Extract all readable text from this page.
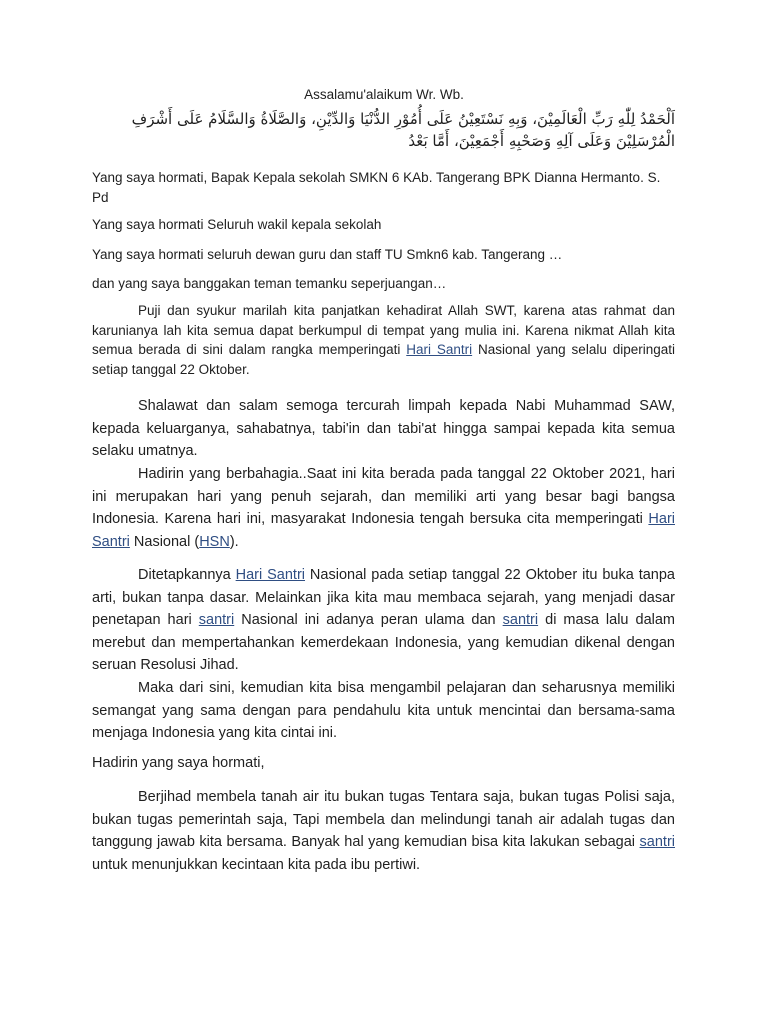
Assalamu'alaikum Wr. Wb.
اَلْحَمْدُ لِلّٰهِ رَبِّ الْعَالَمِيْنَ، وَبِهِ نَسْتَعِيْنُ عَلَى أُمُوْرِ الدُّنْيَا وَالدِّيْنِ، وَالصَّلَاةُ وَالسَّلَامُ عَلَى أَشْرَفِ الْمُرْسَلِيْنَ وَعَلَى آلِهِ وَصَحْبِهِ أَجْمَعِيْنَ، أَمَّا بَعْدُ

Yang saya hormati, Bapak Kepala sekolah SMKN 6 KAb. Tangerang BPK Dianna Hermanto. S. Pd

Yang saya hormati Seluruh wakil kepala sekolah

Yang saya hormati seluruh dewan guru dan staff TU Smkn6 kab. Tangerang …

dan yang saya banggakan teman temanku seperjuangan…

Puji dan syukur marilah kita panjatkan kehadirat Allah SWT, karena atas rahmat dan karunianya lah kita semua dapat berkumpul di tempat yang mulia ini. Karena nikmat Allah kita semua berada di sini dalam rangka memperingati Hari Santri Nasional yang selalu diperingati setiap tanggal 22 Oktober.

Shalawat dan salam semoga tercurah limpah kepada Nabi Muhammad SAW, kepada keluarganya, sahabatnya, tabi'in dan tabi'at hingga sampai kepada kita semua selaku umatnya.

Hadirin yang berbahagia..Saat ini kita berada pada tanggal 22 Oktober 2021, hari ini merupakan hari yang penuh sejarah, dan memiliki arti yang besar bagi bangsa Indonesia. Karena hari ini, masyarakat Indonesia tengah bersuka cita memperingati Hari Santri Nasional (HSN).

Ditetapkannya Hari Santri Nasional pada setiap tanggal 22 Oktober itu buka tanpa arti, bukan tanpa dasar. Melainkan jika kita mau membaca sejarah, yang menjadi dasar penetapan hari santri Nasional ini adanya peran ulama dan santri di masa lalu dalam merebut dan mempertahankan kemerdekaan Indonesia, yang kemudian dikenal dengan seruan Resolusi Jihad.

Maka dari sini, kemudian kita bisa mengambil pelajaran dan seharusnya memiliki semangat yang sama dengan para pendahulu kita untuk mencintai dan bersama-sama menjaga Indonesia yang kita cintai ini.

Hadirin yang saya hormati,

Berjihad membela tanah air itu bukan tugas Tentara saja, bukan tugas Polisi saja, bukan tugas pemerintah saja, Tapi membela dan melindungi tanah air adalah tugas dan tanggung jawab kita bersama. Banyak hal yang kemudian bisa kita lakukan sebagai santri untuk menunjukkan kecintaan kita pada ibu pertiwi.
